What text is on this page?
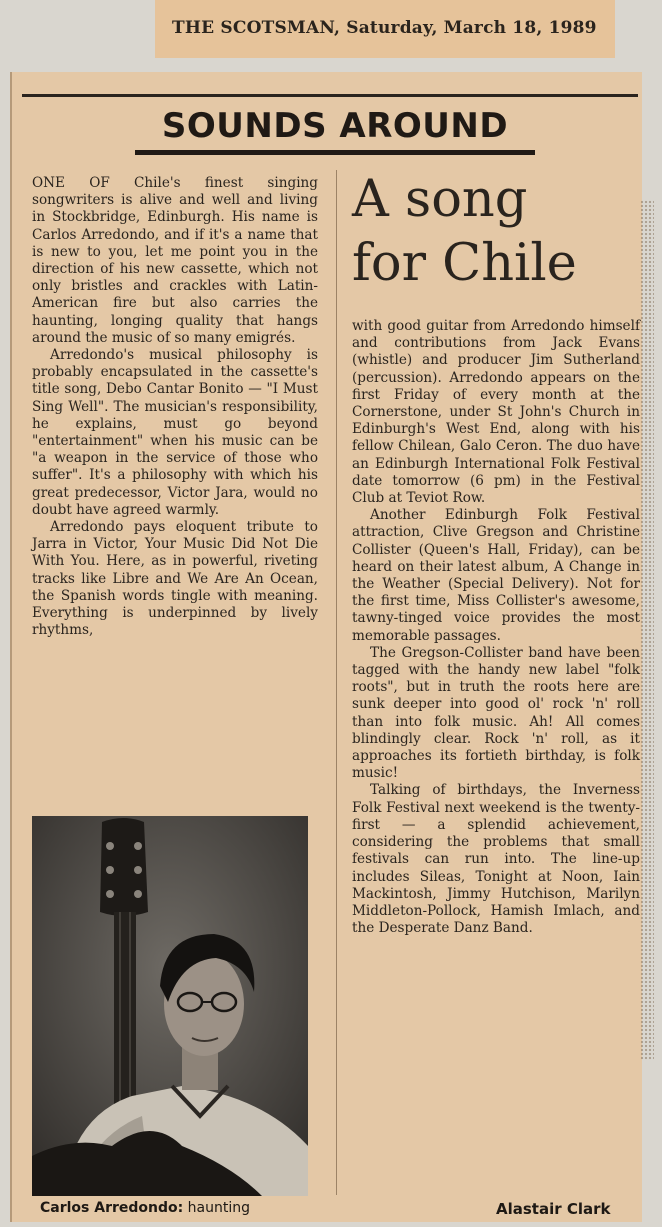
THE SCOTSMAN, Saturday, March 18, 1989
SOUNDS AROUND

ONE OF Chile's finest singing songwriters is alive and well and living in Stockbridge, Edinburgh. His name is Carlos Arredondo, and if it's a name that is new to you, let me point you in the direction of his new cassette, which not only bristles and crackles with Latin-American fire but also carries the haunting, longing quality that hangs around the music of so many emigrés.

Arredondo's musical philosophy is probably encapsulated in the cassette's title song, Debo Cantar Bonito — "I Must Sing Well". The musician's responsibility, he explains, must go beyond "entertainment" when his music can be "a weapon in the service of those who suffer". It's a philosophy with which his great predecessor, Victor Jara, would no doubt have agreed warmly.

Arredondo pays eloquent tribute to Jarra in Victor, Your Music Did Not Die With You. Here, as in powerful, riveting tracks like Libre and We Are An Ocean, the Spanish words tingle with meaning. Everything is underpinned by lively rhythms,

A song
for Chile

with good guitar from Arredondo himself and contributions from Jack Evans (whistle) and producer Jim Sutherland (percussion). Arredondo appears on the first Friday of every month at the Cornerstone, under St John's Church in Edinburgh's West End, along with his fellow Chilean, Galo Ceron. The duo have an Edinburgh International Folk Festival date tomorrow (6 pm) in the Festival Club at Teviot Row.

Another Edinburgh Folk Festival attraction, Clive Gregson and Christine Collister (Queen's Hall, Friday), can be heard on their latest album, A Change in the Weather (Special Delivery). Not for the first time, Miss Collister's awesome, tawny-tinged voice provides the most memorable passages.

The Gregson-Collister band have been tagged with the handy new label "folk roots", but in truth the roots here are sunk deeper into good ol' rock 'n' roll than into folk music. Ah! All comes blindingly clear. Rock 'n' roll, as it approaches its fortieth birthday, is folk music!

Talking of birthdays, the Inverness Folk Festival next weekend is the twenty-first — a splendid achievement, considering the problems that small festivals can run into. The line-up includes Sileas, Tonight at Noon, Iain Mackintosh, Jimmy Hutchison, Marilyn Middleton-Pollock, Hamish Imlach, and the Desperate Danz Band.

Carlos Arredondo: haunting	Alastair Clark
